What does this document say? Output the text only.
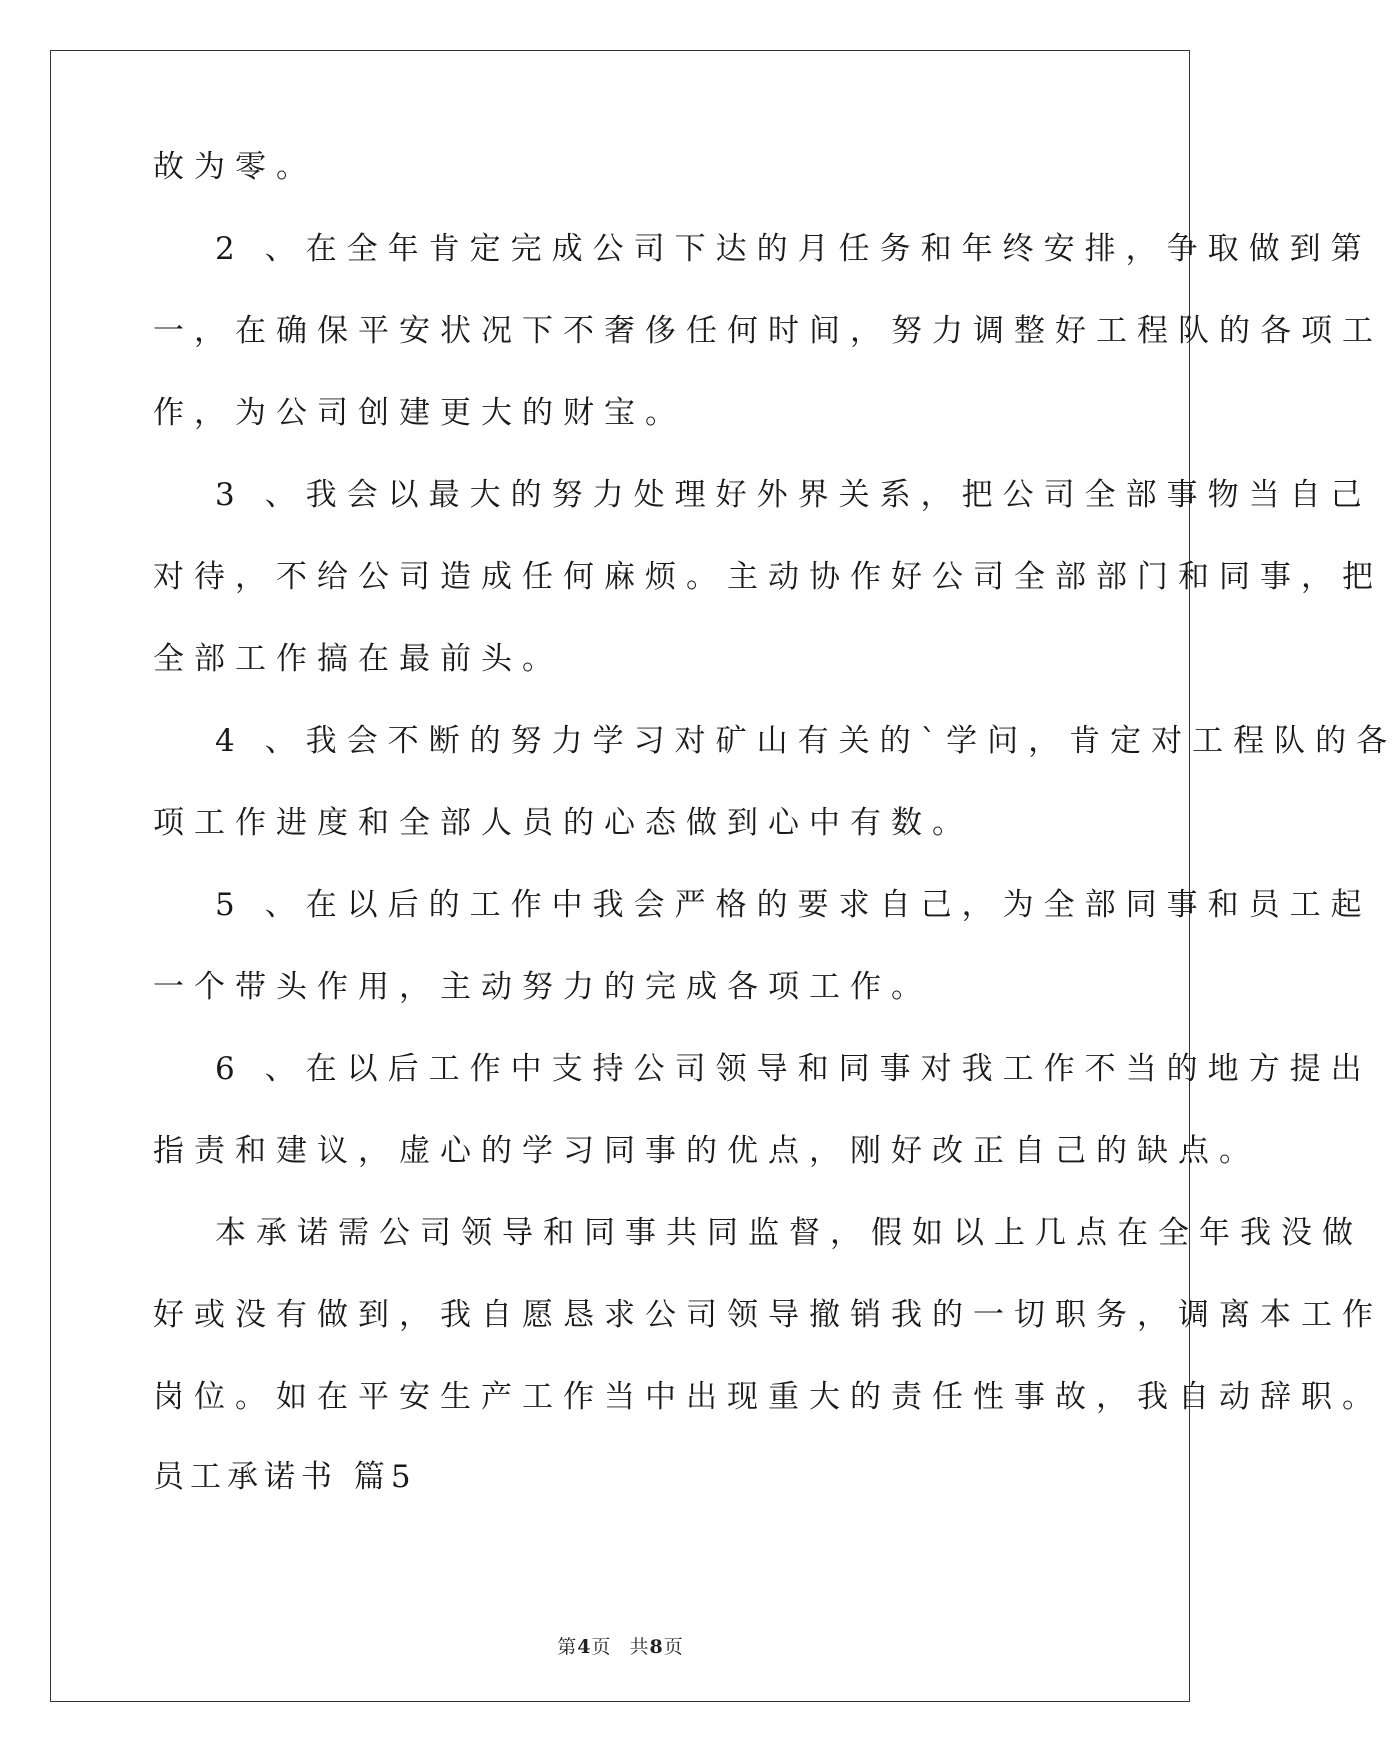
故为零。
2 、在全年肯定完成公司下达的月任务和年终安排，争取做到第
一，在确保平安状况下不奢侈任何时间，努力调整好工程队的各项工
作，为公司创建更大的财宝。
3 、我会以最大的努力处理好外界关系，把公司全部事物当自己
对待，不给公司造成任何麻烦。主动协作好公司全部部门和同事，把
全部工作搞在最前头。
4 、我会不断的努力学习对矿山有关的`学问，肯定对工程队的各
项工作进度和全部人员的心态做到心中有数。
5 、在以后的工作中我会严格的要求自己，为全部同事和员工起
一个带头作用，主动努力的完成各项工作。
6 、在以后工作中支持公司领导和同事对我工作不当的地方提出
指责和建议，虚心的学习同事的优点，刚好改正自己的缺点。
本承诺需公司领导和同事共同监督，假如以上几点在全年我没做
好或没有做到，我自愿恳求公司领导撤销我的一切职务，调离本工作
岗位。如在平安生产工作当中出现重大的责任性事故，我自动辞职。
员工承诺书 篇5
第4页 共8页
